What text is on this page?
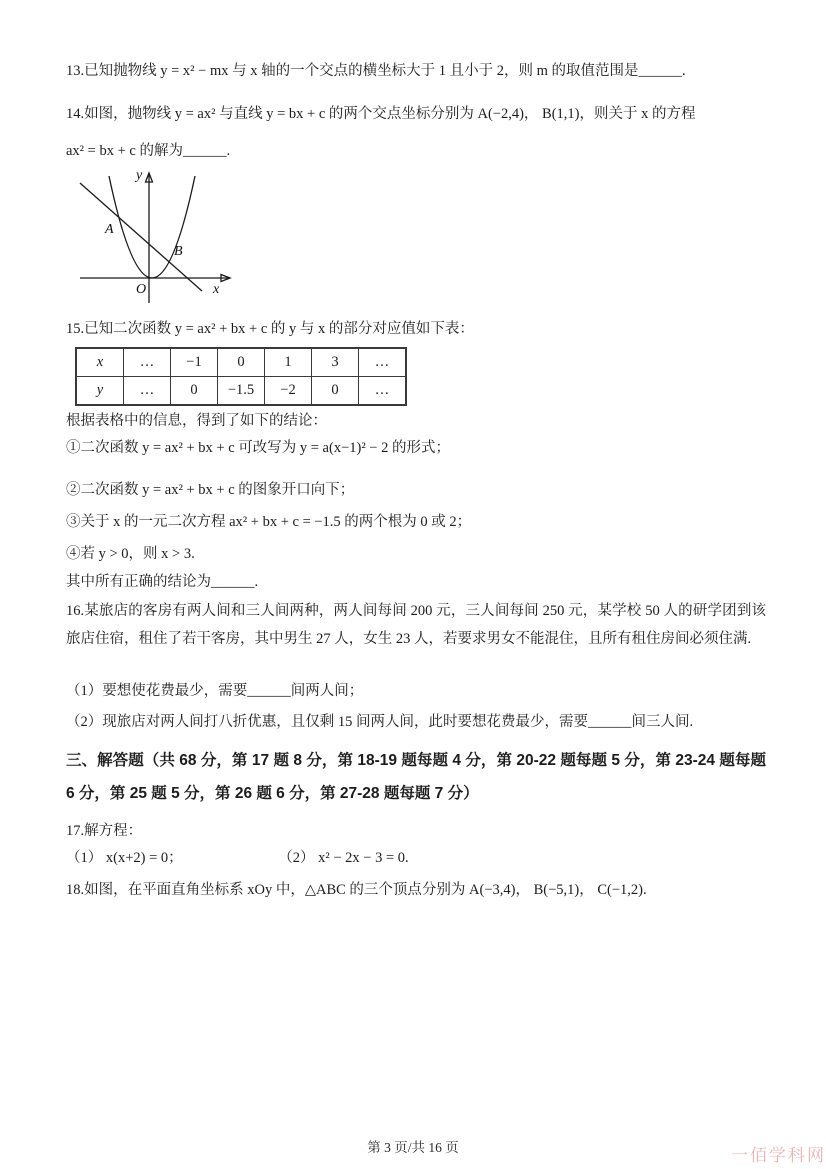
13.已知抛物线 y = x² − mx 与 x 轴的一个交点的横坐标大于 1 且小于 2，则 m 的取值范围是______.
14.如图，抛物线 y = ax² 与直线 y = bx + c 的两个交点坐标分别为 A(−2,4)， B(1,1)，则关于 x 的方程
ax² = bx + c 的解为______.
y
x
O
A
B
15.已知二次函数 y = ax² + bx + c 的 y 与 x 的部分对应值如下表：
x	…	−1	0	1	3	…
y	…	0	−1.5	−2	0	…
根据表格中的信息，得到了如下的结论：
①二次函数 y = ax² + bx + c 可改写为 y = a(x−1)² − 2 的形式；
②二次函数 y = ax² + bx + c 的图象开口向下；
③关于 x 的一元二次方程 ax² + bx + c = −1.5 的两个根为 0 或 2；
④若 y > 0，则 x > 3.
其中所有正确的结论为______.
16.某旅店的客房有两人间和三人间两种，两人间每间 200 元，三人间每间 250 元，某学校 50 人的研学团到该旅店住宿，租住了若干客房，其中男生 27 人，女生 23 人，若要求男女不能混住，且所有租住房间必须住满.
（1）要想使花费最少，需要______间两人间；
（2）现旅店对两人间打八折优惠，且仅剩 15 间两人间，此时要想花费最少，需要______间三人间.
三、解答题（共 68 分，第 17 题 8 分，第 18-19 题每题 4 分，第 20-22 题每题 5 分，第 23-24 题每题 6 分，第 25 题 5 分，第 26 题 6 分，第 27-28 题每题 7 分）
17.解方程：
（1） x(x+2) = 0；	（2） x² − 2x − 3 = 0.
18.如图，在平面直角坐标系 xOy 中，△ABC 的三个顶点分别为 A(−3,4)， B(−5,1)， C(−1,2).
第 3 页/共 16 页	一佰学科网
